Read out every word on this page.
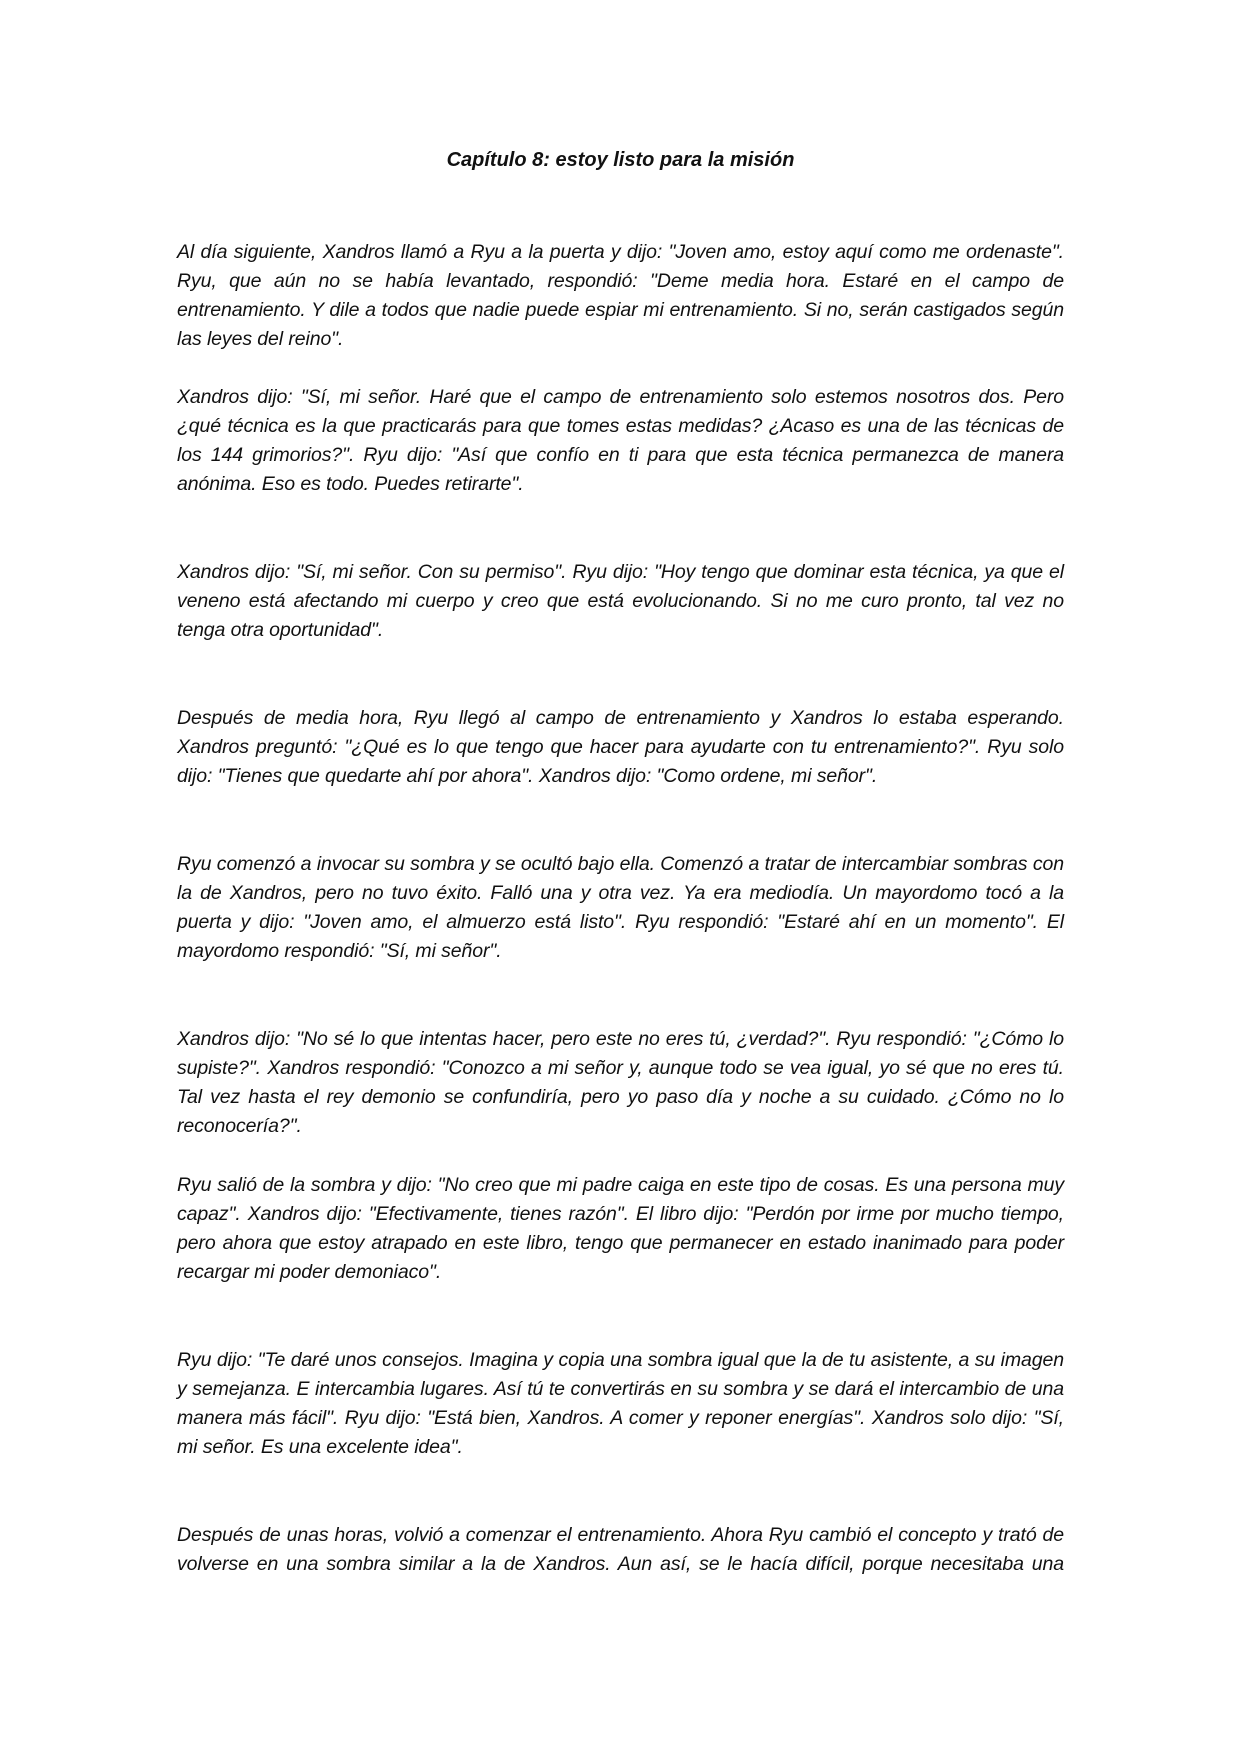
Capítulo 8: estoy listo para la misión

Al día siguiente, Xandros llamó a Ryu a la puerta y dijo: "Joven amo, estoy aquí como me ordenaste". Ryu, que aún no se había levantado, respondió: "Deme media hora. Estaré en el campo de entrenamiento. Y dile a todos que nadie puede espiar mi entrenamiento. Si no, serán castigados según las leyes del reino".

Xandros dijo: "Sí, mi señor. Haré que el campo de entrenamiento solo estemos nosotros dos. Pero ¿qué técnica es la que practicarás para que tomes estas medidas? ¿Acaso es una de las técnicas de los 144 grimorios?". Ryu dijo: "Así que confío en ti para que esta técnica permanezca de manera anónima. Eso es todo. Puedes retirarte".

Xandros dijo: "Sí, mi señor. Con su permiso". Ryu dijo: "Hoy tengo que dominar esta técnica, ya que el veneno está afectando mi cuerpo y creo que está evolucionando. Si no me curo pronto, tal vez no tenga otra oportunidad".

Después de media hora, Ryu llegó al campo de entrenamiento y Xandros lo estaba esperando. Xandros preguntó: "¿Qué es lo que tengo que hacer para ayudarte con tu entrenamiento?". Ryu solo dijo: "Tienes que quedarte ahí por ahora". Xandros dijo: "Como ordene, mi señor".

Ryu comenzó a invocar su sombra y se ocultó bajo ella. Comenzó a tratar de intercambiar sombras con la de Xandros, pero no tuvo éxito. Falló una y otra vez. Ya era mediodía. Un mayordomo tocó a la puerta y dijo: "Joven amo, el almuerzo está listo". Ryu respondió: "Estaré ahí en un momento". El mayordomo respondió: "Sí, mi señor".

Xandros dijo: "No sé lo que intentas hacer, pero este no eres tú, ¿verdad?". Ryu respondió: "¿Cómo lo supiste?". Xandros respondió: "Conozco a mi señor y, aunque todo se vea igual, yo sé que no eres tú. Tal vez hasta el rey demonio se confundiría, pero yo paso día y noche a su cuidado. ¿Cómo no lo reconocería?".

Ryu salió de la sombra y dijo: "No creo que mi padre caiga en este tipo de cosas. Es una persona muy capaz". Xandros dijo: "Efectivamente, tienes razón". El libro dijo: "Perdón por irme por mucho tiempo, pero ahora que estoy atrapado en este libro, tengo que permanecer en estado inanimado para poder recargar mi poder demoniaco".

Ryu dijo: "Te daré unos consejos. Imagina y copia una sombra igual que la de tu asistente, a su imagen y semejanza. E intercambia lugares. Así tú te convertirás en su sombra y se dará el intercambio de una manera más fácil". Ryu dijo: "Está bien, Xandros. A comer y reponer energías". Xandros solo dijo: "Sí, mi señor. Es una excelente idea".

Después de unas horas, volvió a comenzar el entrenamiento. Ahora Ryu cambió el concepto y trató de volverse en una sombra similar a la de Xandros. Aun así, se le hacía difícil, porque necesitaba una
